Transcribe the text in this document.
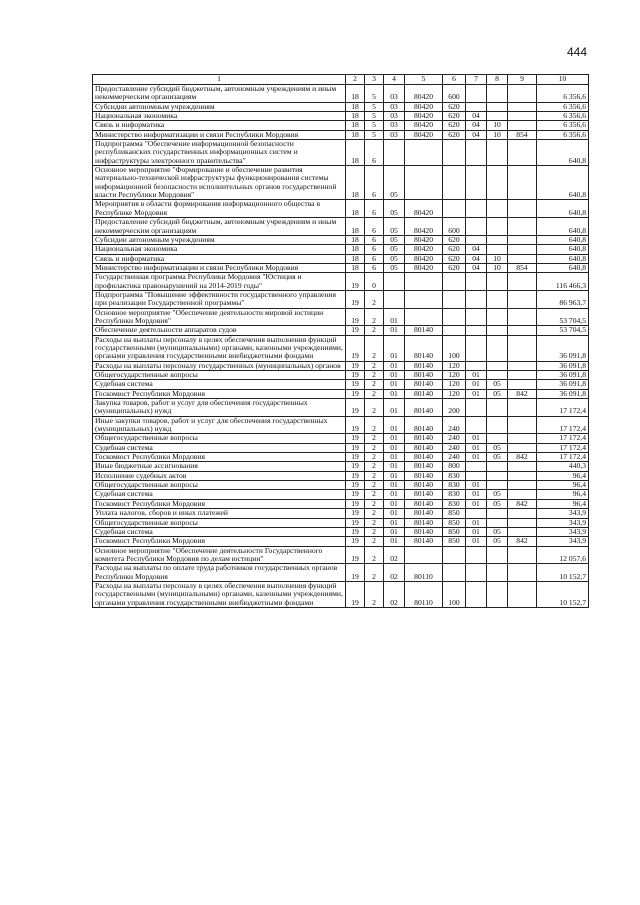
444
1	2	3	4	5	6	7	8	9	10
Предоставление субсидий бюджетным, автономным учреждениям и иным некоммерческим организациям	18	5	03	80420	600				6 356,6
Субсидии автономным учреждениям	18	5	03	80420	620				6 356,6
Национальная экономика	18	5	03	80420	620	04			6 356,6
Связь и информатика	18	5	03	80420	620	04	10		6 356,6
Министерство информатизации и связи Республики Мордовия	18	5	03	80420	620	04	10	854	6 356,6
Подпрограмма "Обеспечение информационной безопасности республиканских государственных информационных систем и инфраструктуры электронного правительства"	18	6							640,8
Основное мероприятие "Формирование и обеспечение развития материально-технической инфраструктуры функционирования системы информационной безопасности исполнительных органов государственной власти Республики Мордовия"	18	6	05						640,8
Мероприятия в области формирования информационного общества в Республике Мордовия	18	6	05	80420					640,8
Предоставление субсидий бюджетным, автономным учреждениям и иным некоммерческим организациям	18	6	05	80420	600				640,8
Субсидии автономным учреждениям	18	6	05	80420	620				640,8
Национальная экономика	18	6	05	80420	620	04			640,8
Связь и информатика	18	6	05	80420	620	04	10		640,8
Министерство информатизации и связи Республики Мордовия	18	6	05	80420	620	04	10	854	640,8
Государственная программа Республики Мордовия "Юстиция и профилактика правонарушений на 2014-2019 годы"	19	0							116 466,3
Подпрограмма "Повышение эффективности государственного управления при реализации Государственной программы"	19	2							86 963,7
Основное мероприятие "Обеспечение деятельности мировой юстиции Республики Мордовия"	19	2	01						53 704,5
Обеспечение деятельности аппаратов судов	19	2	01	80140					53 704,5
Расходы на выплаты персоналу в целях обеспечения выполнения функций государственными (муниципальными) органами, казенными учреждениями, органами управления государственными внебюджетными фондами	19	2	01	80140	100				36 091,8
Расходы на выплаты персоналу государственных (муниципальных) органов	19	2	01	80140	120				36 091,8
Общегосударственные вопросы	19	2	01	80140	120	01			36 091,8
Судебная система	19	2	01	80140	120	01	05		36 091,8
Госкомюст Республики Мордовия	19	2	01	80140	120	01	05	842	36 091,8
Закупка товаров, работ и услуг для обеспечения государственных (муниципальных) нужд	19	2	01	80140	200				17 172,4
Иные закупки товаров, работ и услуг для обеспечения государственных (муниципальных) нужд	19	2	01	80140	240				17 172,4
Общегосударственные вопросы	19	2	01	80140	240	01			17 172,4
Судебная система	19	2	01	80140	240	01	05		17 172,4
Госкомюст Республики Мордовия	19	2	01	80140	240	01	05	842	17 172,4
Иные бюджетные ассигнования	19	2	01	80140	800				440,3
Исполнение судебных актов	19	2	01	80140	830				96,4
Общегосударственные вопросы	19	2	01	80140	830	01			96,4
Судебная система	19	2	01	80140	830	01	05		96,4
Госкомюст Республики Мордовия	19	2	01	80140	830	01	05	842	96,4
Уплата налогов, сборов и иных платежей	19	2	01	80140	850				343,9
Общегосударственные вопросы	19	2	01	80140	850	01			343,9
Судебная система	19	2	01	80140	850	01	05		343,9
Госкомюст Республики Мордовия	19	2	01	80140	850	01	05	842	343,9
Основное мероприятие "Обеспечение деятельности Государственного комитета Республики Мордовия по делам юстиции"	19	2	02						12 057,6
Расходы на выплаты по оплате труда работников государственных органов Республики Мордовия	19	2	02	80110					10 152,7
Расходы на выплаты персоналу в целях обеспечения выполнения функций государственными (муниципальными) органами, казенными учреждениями, органами управления государственными внебюджетными фондами	19	2	02	80110	100				10 152,7
